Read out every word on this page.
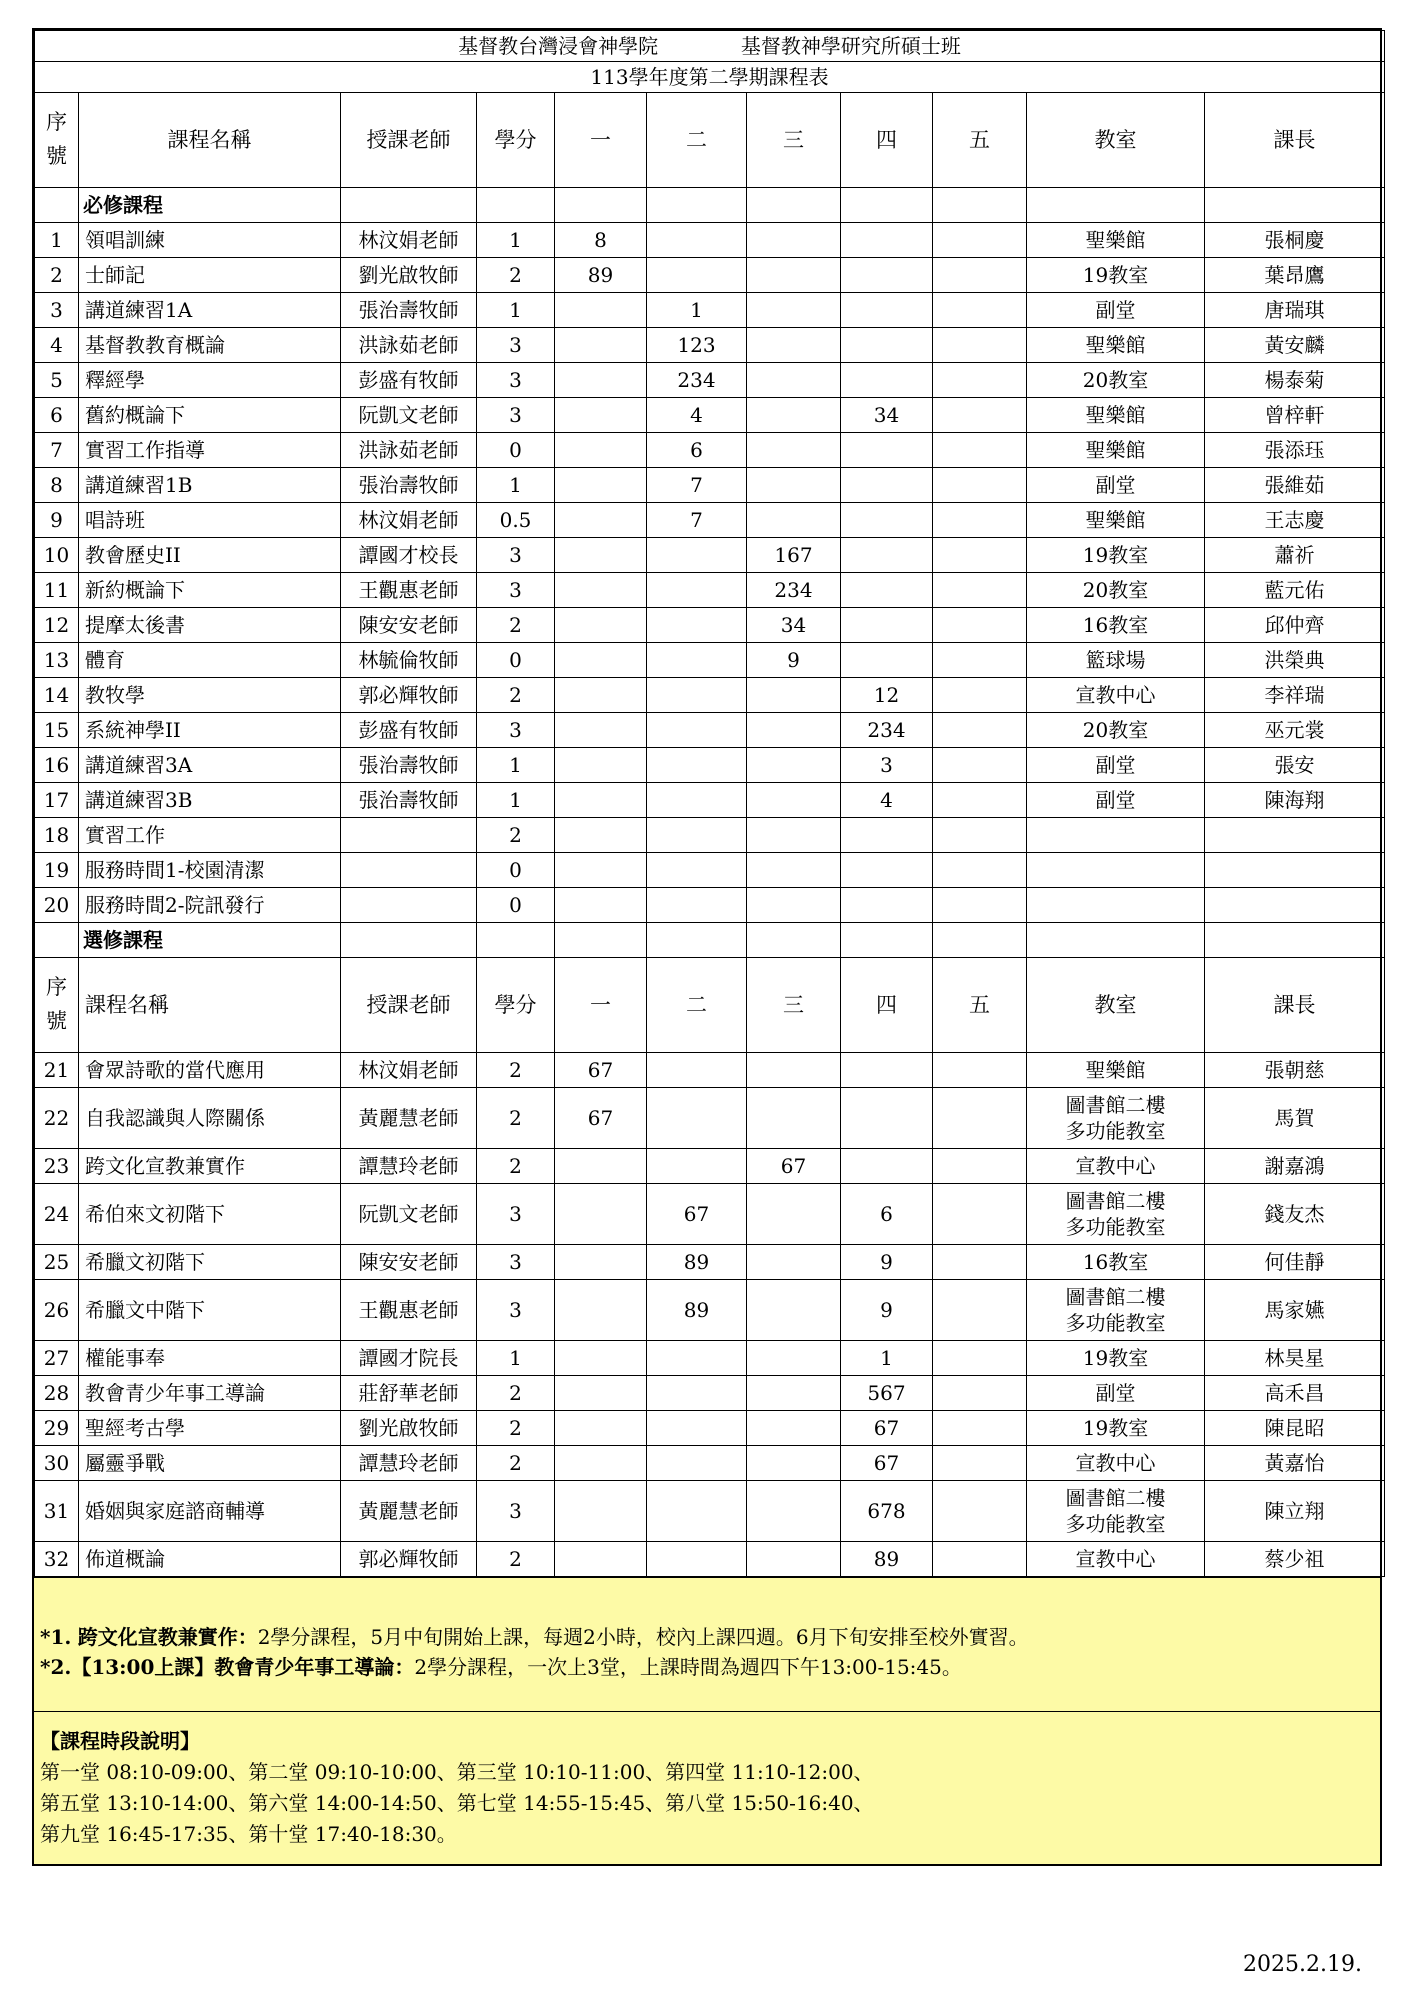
基督教台灣浸會神學院 基督教神學研究所碩士班										
113學年度第二學期課程表										
序
號	課程名稱	授課老師	學分	一	二	三	四	五	教室	課長
	必修課程									
1	領唱訓練	林汶娟老師	1	8					聖樂館	張桐慶
2	士師記	劉光啟牧師	2	89					19教室	葉昂鷹
3	講道練習1A	張治壽牧師	1		1				副堂	唐瑞琪
4	基督教教育概論	洪詠茹老師	3		123				聖樂館	黃安麟
5	釋經學	彭盛有牧師	3		234				20教室	楊泰菊
6	舊約概論下	阮凱文老師	3		4		34		聖樂館	曾梓軒
7	實習工作指導	洪詠茹老師	0		6				聖樂館	張添珏
8	講道練習1B	張治壽牧師	1		7				副堂	張維茹
9	唱詩班	林汶娟老師	0.5		7				聖樂館	王志慶
10	教會歷史II	譚國才校長	3			167			19教室	蕭祈
11	新約概論下	王觀惠老師	3			234			20教室	藍元佑
12	提摩太後書	陳安安老師	2			34			16教室	邱仲齊
13	體育	林毓倫牧師	0			9			籃球場	洪榮典
14	教牧學	郭必輝牧師	2				12		宣教中心	李祥瑞
15	系統神學II	彭盛有牧師	3				234		20教室	巫元裳
16	講道練習3A	張治壽牧師	1				3		副堂	張安
17	講道練習3B	張治壽牧師	1				4		副堂	陳海翔
18	實習工作		2							
19	服務時間1-校園清潔		0							
20	服務時間2-院訊發行		0							
	選修課程									
序
號	課程名稱	授課老師	學分	一	二	三	四	五	教室	課長
21	會眾詩歌的當代應用	林汶娟老師	2	67					聖樂館	張朝慈
22	自我認識與人際關係	黃麗慧老師	2	67					圖書館二樓
多功能教室	馬賀
23	跨文化宣教兼實作	譚慧玲老師	2			67			宣教中心	謝嘉鴻
24	希伯來文初階下	阮凱文老師	3		67		6		圖書館二樓
多功能教室	錢友杰
25	希臘文初階下	陳安安老師	3		89		9		16教室	何佳靜
26	希臘文中階下	王觀惠老師	3		89		9		圖書館二樓
多功能教室	馬家嬿
27	權能事奉	譚國才院長	1				1		19教室	林昊星
28	教會青少年事工導論	莊舒華老師	2				567		副堂	高禾昌
29	聖經考古學	劉光啟牧師	2				67		19教室	陳昆昭
30	屬靈爭戰	譚慧玲老師	2				67		宣教中心	黃嘉怡
31	婚姻與家庭諮商輔導	黃麗慧老師	3				678		圖書館二樓
多功能教室	陳立翔
32	佈道概論	郭必輝牧師	2				89		宣教中心	蔡少祖
*1. 跨文化宣教兼實作：2學分課程，5月中旬開始上課，每週2小時，校內上課四週。6月下旬安排至校外實習。
*2.【13:00上課】教會青少年事工導論：2學分課程，一次上3堂，上課時間為週四下午13:00-15:45。
【課程時段說明】
第一堂 08:10-09:00、第二堂 09:10-10:00、第三堂 10:10-11:00、第四堂 11:10-12:00、
第五堂 13:10-14:00、第六堂 14:00-14:50、第七堂 14:55-15:45、第八堂 15:50-16:40、
第九堂 16:45-17:35、第十堂 17:40-18:30。
2025.2.19.
